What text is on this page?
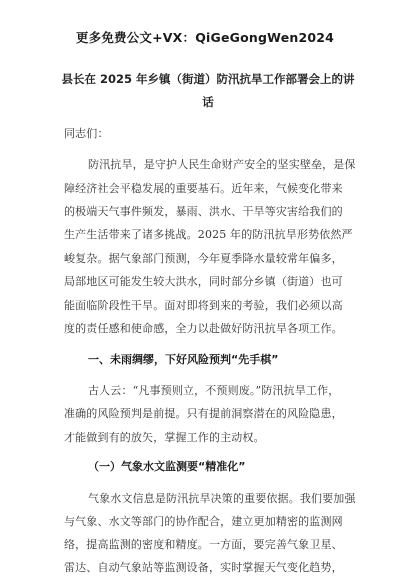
更多免费公文+VX：QiGeGongWen2024
县长在 2025 年乡镇（街道）防汛抗旱工作部署会上的讲
话
同志们：
防汛抗旱，是守护人民生命财产安全的坚实壁垒，是保
障经济社会平稳发展的重要基石。近年来，气候变化带来
的极端天气事件频发，暴雨、洪水、干旱等灾害给我们的
生产生活带来了诸多挑战。2025 年的防汛抗旱形势依然严
峻复杂。据气象部门预测，今年夏季降水量较常年偏多，
局部地区可能发生较大洪水，同时部分乡镇（街道）也可
能面临阶段性干旱。面对即将到来的考验，我们必须以高
度的责任感和使命感，全力以赴做好防汛抗旱各项工作。
一、未雨绸缪，下好风险预判“先手棋”
古人云：“凡事预则立，不预则废。”防汛抗旱工作，
准确的风险预判是前提。只有提前洞察潜在的风险隐患，
才能做到有的放矢，掌握工作的主动权。
（一）气象水文监测要“精准化”
气象水文信息是防汛抗旱决策的重要依据。我们要加强
与气象、水文等部门的协作配合，建立更加精密的监测网
络，提高监测的密度和精度。一方面，要完善气象卫星、
雷达、自动气象站等监测设备，实时掌握天气变化趋势，
